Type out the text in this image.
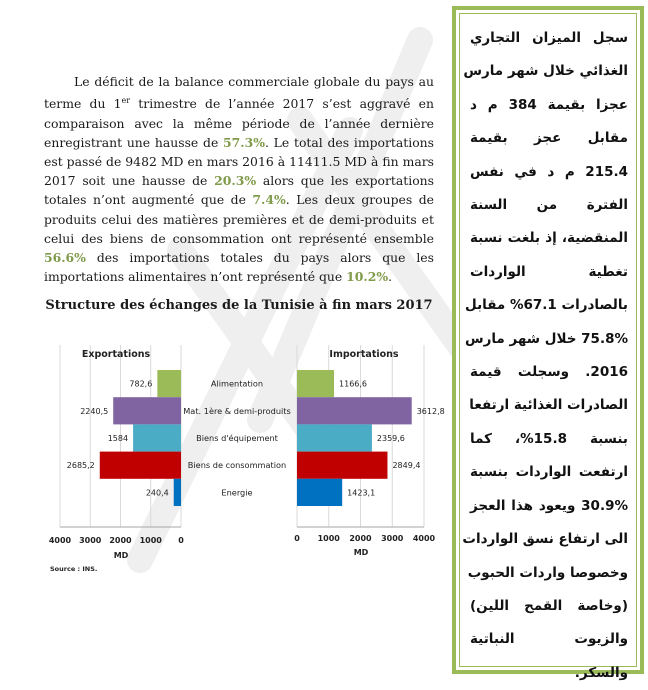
Le déficit de la balance commerciale globale du pays au terme du 1er trimestre de l’année 2017 s’est aggravé en comparaison avec la même période de l’année dernière enregistrant une hausse de 57.3%. Le total des importations est passé de 9482 MD en mars 2016 à 11411.5 MD à fin mars 2017 soit une hausse de 20.3% alors que les exportations totales n’ont augmenté que de 7.4%. Les deux groupes de produits celui des matières premières et de demi-produits et celui des biens de consommation ont représenté ensemble 56.6% des importations totales du pays alors que les importations alimentaires n’ont représenté que 10.2%.
Structure des échanges de la Tunisie à fin mars 2017
Exportations	Importations
782,6	Alimentation
2240,5	Mat. 1ère & demi-produits
1584	Biens d'équipement
2685,2	Biens de consommation
240,4	Energie
1166,6
3612,8
2359,6
2849,4
1423,1
4000 3000 2000 1000 0	0 1000 2000 3000 4000
MD	MD
Source : INS.
سجل الميزان التجاري
الغذائي خلال شهر مارس
عجزا بقيمة 384 م د
مقابل عجز بقيمة
215.4 م د في نفس
الفترة من السنة
المنقضية، إذ بلغت نسبة
تغطية الواردات
بالصادرات 67.1% مقابل
75.8% خلال شهر مارس
2016. وسجلت قيمة
الصادرات الغذائية ارتفعا
بنسبة 15.8%، كما
ارتفعت الواردات بنسبة
30.9% ويعود هذا العجز
الى ارتفاع نسق الواردات
وخصوصا واردات الحبوب
(وخاصة القمح اللين)
والزيوت النباتية
والسكر.
